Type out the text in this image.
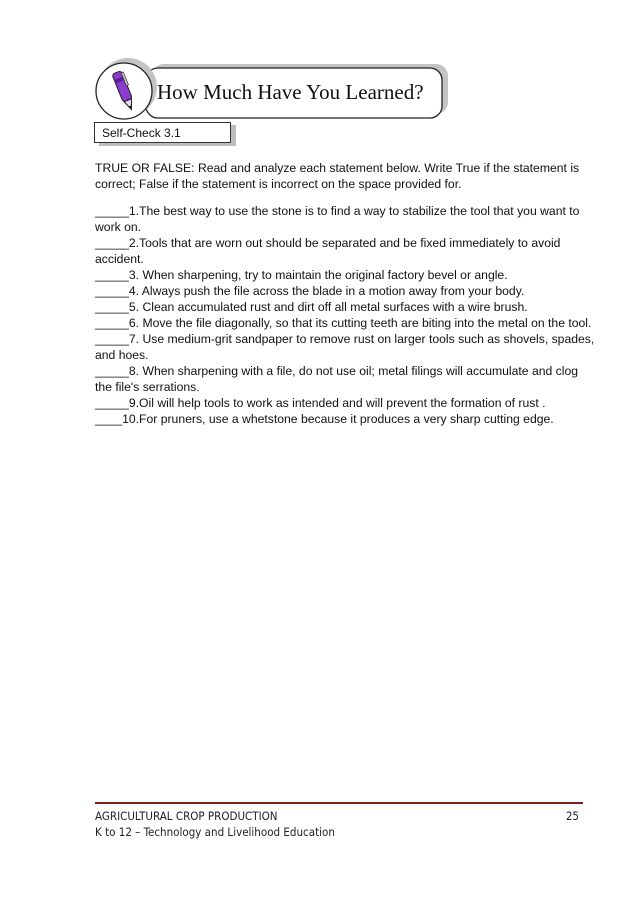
How Much Have You Learned?
Self-Check 3.1
TRUE OR FALSE: Read and analyze each statement below. Write True if the statement is correct; False if the statement is incorrect on the space provided for.

_____1.The best way to use the stone is to find a way to stabilize the tool that you want to work on.

_____2.Tools that are worn out should be separated and be fixed immediately to avoid accident.

_____3. When sharpening, try to maintain the original factory bevel or angle.

_____4. Always push the file across the blade in a motion away from your body.

_____5. Clean accumulated rust and dirt off all metal surfaces with a wire brush.

_____6. Move the file diagonally, so that its cutting teeth are biting into the metal on the tool.

_____7. Use medium-grit sandpaper to remove rust on larger tools such as shovels, spades, and hoes.

_____8. When sharpening with a file, do not use oil; metal filings will accumulate and clog the file's serrations.

_____9.Oil will help tools to work as intended and will prevent the formation of rust .

____10.For pruners, use a whetstone because it produces a very sharp cutting edge.

AGRICULTURAL CROP PRODUCTION
K to 12 – Technology and Livelihood Education
25
